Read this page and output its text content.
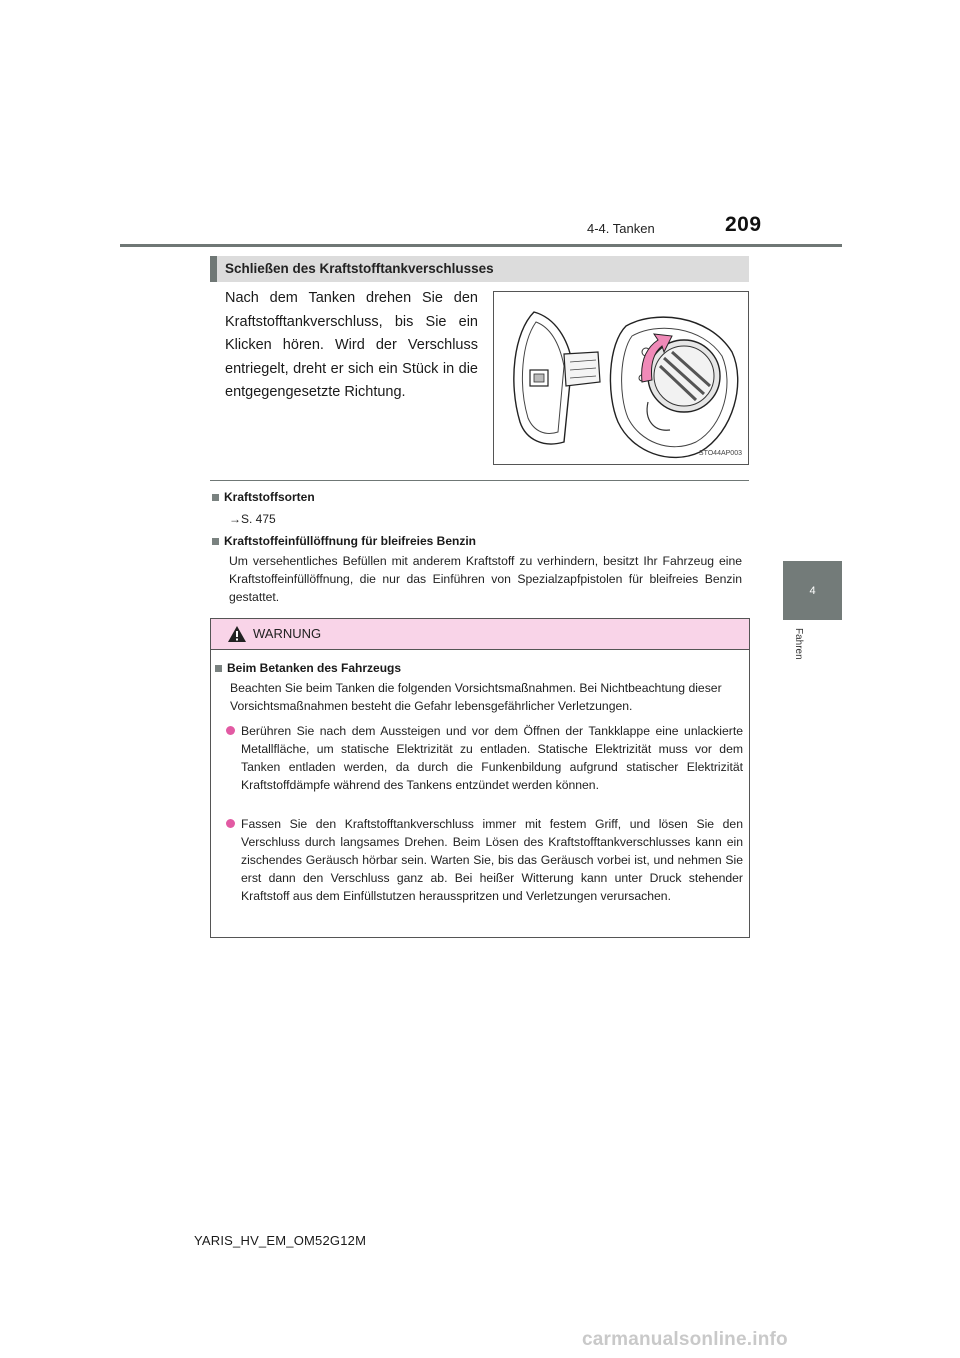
4-4. Tanken	209
4
Fahren
Schließen des Kraftstofftankverschlusses
Nach dem Tanken drehen Sie den Kraftstofftankverschluss, bis Sie ein Klicken hören. Wird der Verschluss entriegelt, dreht er sich ein Stück in die entgegengesetzte Richtung.
STO44AP003
Kraftstoffsorten
→S. 475
Kraftstoffeinfüllöffnung für bleifreies Benzin
Um versehentliches Befüllen mit anderem Kraftstoff zu verhindern, besitzt Ihr Fahrzeug eine Kraftstoffeinfüllöffnung, die nur das Einführen von Spezialzapfpistolen für bleifreies Benzin gestattet.
WARNUNG
Beim Betanken des Fahrzeugs
Beachten Sie beim Tanken die folgenden Vorsichtsmaßnahmen. Bei Nichtbeachtung dieser Vorsichtsmaßnahmen besteht die Gefahr lebensgefährlicher Verletzungen.
Berühren Sie nach dem Aussteigen und vor dem Öffnen der Tankklappe eine unlackierte Metallfläche, um statische Elektrizität zu entladen. Statische Elektrizität muss vor dem Tanken entladen werden, da durch die Funkenbildung aufgrund statischer Elektrizität Kraftstoffdämpfe während des Tankens entzündet werden können.
Fassen Sie den Kraftstofftankverschluss immer mit festem Griff, und lösen Sie den Verschluss durch langsames Drehen. Beim Lösen des Kraftstofftankverschlusses kann ein zischendes Geräusch hörbar sein. Warten Sie, bis das Geräusch vorbei ist, und nehmen Sie erst dann den Verschluss ganz ab. Bei heißer Witterung kann unter Druck stehender Kraftstoff aus dem Einfüllstutzen herausspritzen und Verletzungen verursachen.
YARIS_HV_EM_OM52G12M
carmanualsonline.info
